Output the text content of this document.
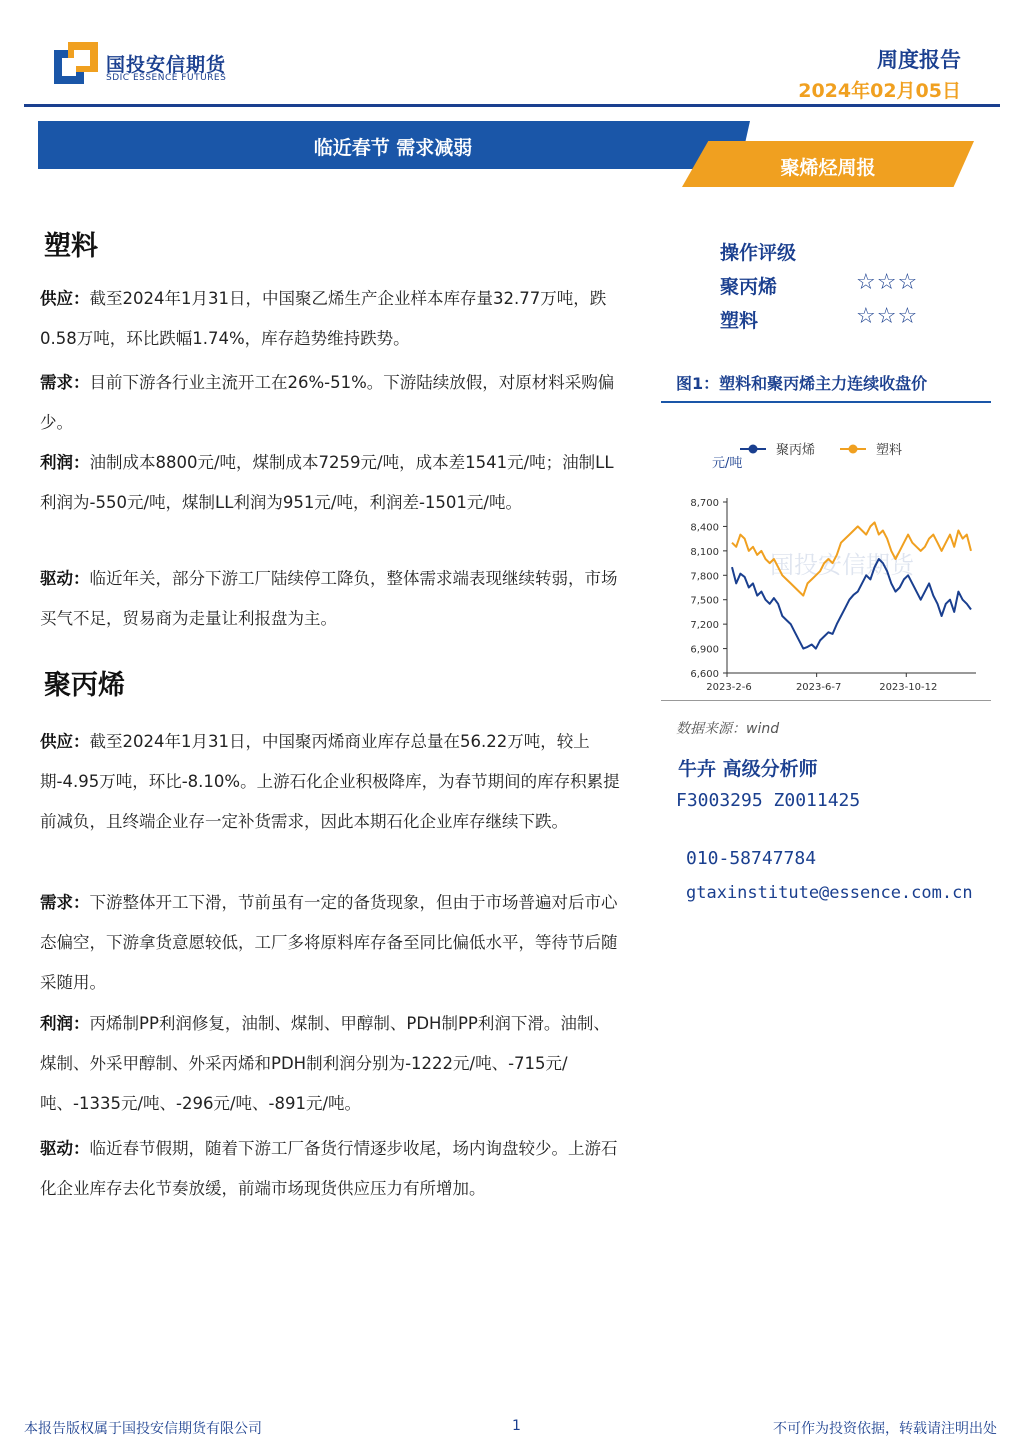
国投安信期货
SDIC ESSENCE FUTURES
周度报告
2024年02月05日
临近春节 需求减弱
聚烯烃周报
塑料
供应：截至2024年1月31日，中国聚乙烯生产企业样本库存量32.77万吨，跌0.58万吨，环比跌幅1.74%，库存趋势维持跌势。
需求：目前下游各行业主流开工在26%-51%。下游陆续放假，对原材料采购偏少。
利润：油制成本8800元/吨，煤制成本7259元/吨，成本差1541元/吨；油制LL利润为-550元/吨，煤制LL利润为951元/吨，利润差-1501元/吨。
驱动：临近年关，部分下游工厂陆续停工降负，整体需求端表现继续转弱，市场买气不足，贸易商为走量让利报盘为主。
聚丙烯
供应：截至2024年1月31日，中国聚丙烯商业库存总量在56.22万吨，较上期-4.95万吨，环比-8.10%。上游石化企业积极降库，为春节期间的库存积累提前减负，且终端企业存一定补货需求，因此本期石化企业库存继续下跌。
需求：下游整体开工下滑，节前虽有一定的备货现象，但由于市场普遍对后市心态偏空，下游拿货意愿较低，工厂多将原料库存备至同比偏低水平，等待节后随采随用。
利润：丙烯制PP利润修复，油制、煤制、甲醇制、PDH制PP利润下滑。油制、煤制、外采甲醇制、外采丙烯和PDH制利润分别为-1222元/吨、-715元/吨、-1335元/吨、-296元/吨、-891元/吨。
驱动：临近春节假期，随着下游工厂备货行情逐步收尾，场内询盘较少。上游石化企业库存去化节奏放缓，前端市场现货供应压力有所增加。
操作评级
聚丙烯	☆☆☆
塑料	☆☆☆
图1：塑料和聚丙烯主力连续收盘价
聚丙烯	塑料
元/吨
国投安信期货
6,600
6,900
7,200
7,500
7,800
8,100
8,400
8,700
2023-2-6	2023-6-7	2023-10-12
数据来源：wind
牛卉 高级分析师
F3003295 Z0011425
010-58747784
gtaxinstitute@essence.com.cn
本报告版权属于国投安信期货有限公司	1	不可作为投资依据，转载请注明出处
